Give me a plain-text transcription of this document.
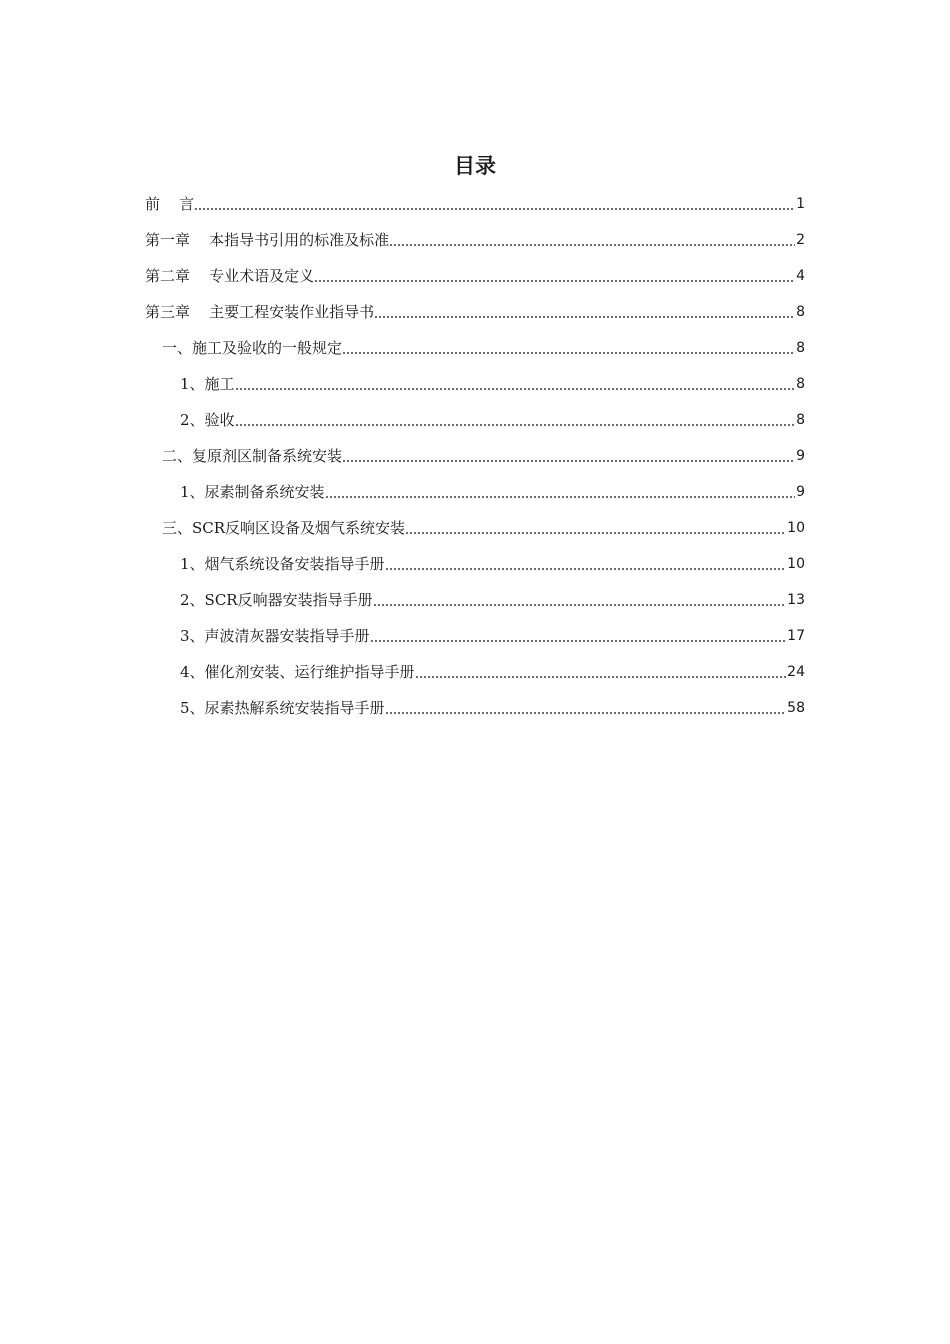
目录
前    言	1
第一章    本指导书引用的标准及标准	2
第二章    专业术语及定义	4
第三章    主要工程安装作业指导书	8
一、施工及验收的一般规定	8
1、施工	8
2、验收	8
二、复原剂区制备系统安装	9
1、尿素制备系统安装	9
三、SCR反响区设备及烟气系统安装	10
1、烟气系统设备安装指导手册	10
2、SCR反响器安装指导手册	13
3、声波清灰器安装指导手册	17
4、催化剂安装、运行维护指导手册	24
5、尿素热解系统安装指导手册	58
